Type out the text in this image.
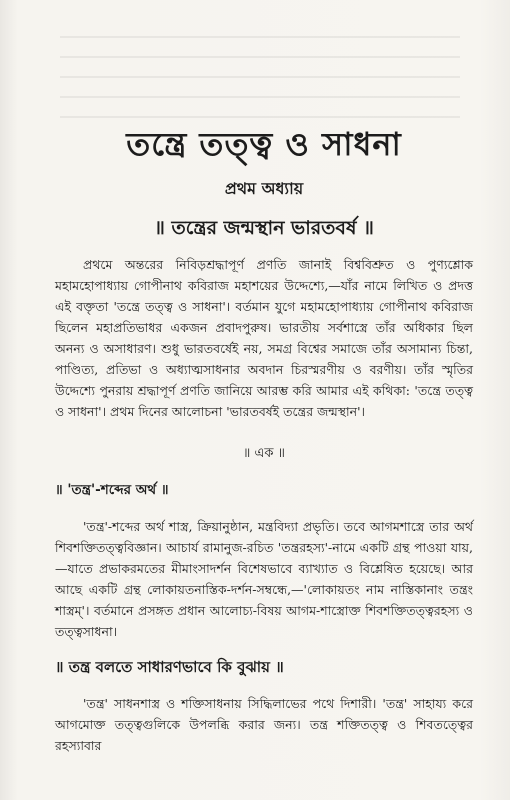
তন্ত্রে তত্ত্ব ও সাধনা
প্রথম অধ্যায়
॥ তন্ত্রের জন্মস্থান ভারতবর্ষ ॥

প্রথমে অন্তরের নিবিড়শ্রদ্ধাপূর্ণ প্রণতি জানাই বিশ্ববিশ্রুত ও পুণ্যশ্লোক মহামহোপাধ্যায় গোপীনাথ কবিরাজ মহাশয়ের উদ্দেশ্যে,—যাঁর নামে লিখিত ও প্রদত্ত এই বক্তৃতা 'তন্ত্রে তত্ত্ব ও সাধনা'। বর্তমান যুগে মহামহোপাধ্যায় গোপীনাথ কবিরাজ ছিলেন মহাপ্রতিভাধর একজন প্রবাদপুরুষ। ভারতীয় সর্বশাস্ত্রে তাঁর অধিকার ছিল অনন্য ও অসাধারণ। শুধু ভারতবর্ষেই নয়, সমগ্র বিশ্বের সমাজে তাঁর অসামান্য চিন্তা, পাণ্ডিত্য, প্রতিভা ও অধ্যাত্মসাধনার অবদান চিরস্মরণীয় ও বরণীয়। তাঁর স্মৃতির উদ্দেশ্যে পুনরায় শ্রদ্ধাপূর্ণ প্রণতি জানিয়ে আরম্ভ করি আমার এই কথিকা: 'তন্ত্রে তত্ত্ব ও সাধনা'। প্রথম দিনের আলোচনা 'ভারতবর্ষই তন্ত্রের জন্মস্থান'।

॥ এক ॥
॥ 'তন্ত্র'-শব্দের অর্থ ॥

'তন্ত্র'-শব্দের অর্থ শাস্ত্র, ক্রিয়ানুষ্ঠান, মন্ত্রবিদ্যা প্রভৃতি। তবে আগমশাস্ত্রে তার অর্থ শিবশক্তিতত্ত্ববিজ্ঞান। আচার্য রামানুজ-রচিত 'তন্ত্ররহস্য'-নামে একটি গ্রন্থ পাওয়া যায়,—যাতে প্রভাকরমতের মীমাংসাদর্শন বিশেষভাবে ব্যাখ্যাত ও বিশ্লেষিত হয়েছে। আর আছে একটি গ্রন্থ লোকায়তনাস্তিক-দর্শন-সম্বন্ধে,—'লোকায়তং নাম নাস্তিকানাং তন্ত্রং শাস্ত্রম্'। বর্তমানে প্রসঙ্গত প্রধান আলোচ্য-বিষয় আগম-শাস্ত্রোক্ত শিবশক্তিতত্ত্বরহস্য ও তত্ত্বসাধনা।

॥ তন্ত্র বলতে সাধারণভাবে কি বুঝায় ॥

'তন্ত্র' সাধনশাস্ত্র ও শক্তিসাধনায় সিদ্ধিলাভের পথে দিশারী। 'তন্ত্র' সাহায্য করে আগমোক্ত তত্ত্বগুলিকে উপলব্ধি করার জন্য। তন্ত্র শক্তিতত্ত্ব ও শিবতত্ত্বের রহস্যাবার
